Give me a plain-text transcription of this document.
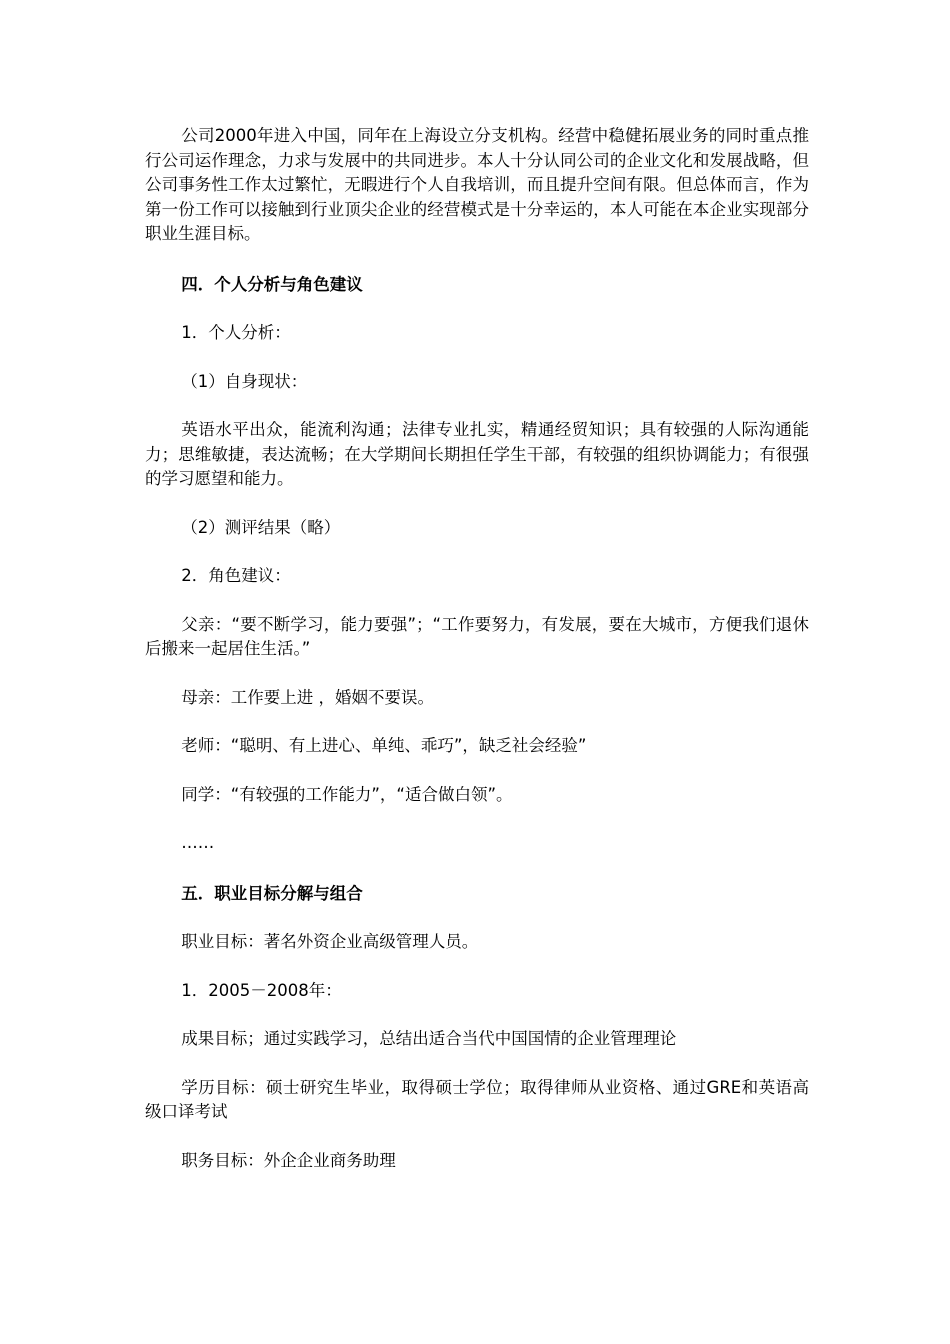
公司2000年进入中国，同年在上海设立分支机构。经营中稳健拓展业务的同时重点推行公司运作理念，力求与发展中的共同进步。本人十分认同公司的企业文化和发展战略，但公司事务性工作太过繁忙，无暇进行个人自我培训，而且提升空间有限。但总体而言，作为第一份工作可以接触到行业顶尖企业的经营模式是十分幸运的，本人可能在本企业实现部分职业生涯目标。

四．个人分析与角色建议

1．个人分析：

（1）自身现状：

英语水平出众，能流利沟通；法律专业扎实，精通经贸知识；具有较强的人际沟通能力；思维敏捷，表达流畅；在大学期间长期担任学生干部，有较强的组织协调能力；有很强的学习愿望和能力。

（2）测评结果（略）

2．角色建议：

父亲：“要不断学习，能力要强”；“工作要努力，有发展，要在大城市，方便我们退休后搬来一起居住生活。”

母亲：工作要上进 ，婚姻不要误。

老师：“聪明、有上进心、单纯、乖巧”，缺乏社会经验”

同学：“有较强的工作能力”，“适合做白领”。

……

五．职业目标分解与组合

职业目标：著名外资企业高级管理人员。

1．2005－2008年：

成果目标；通过实践学习，总结出适合当代中国国情的企业管理理论

学历目标：硕士研究生毕业，取得硕士学位；取得律师从业资格、通过GRE和英语高级口译考试

职务目标：外企企业商务助理
